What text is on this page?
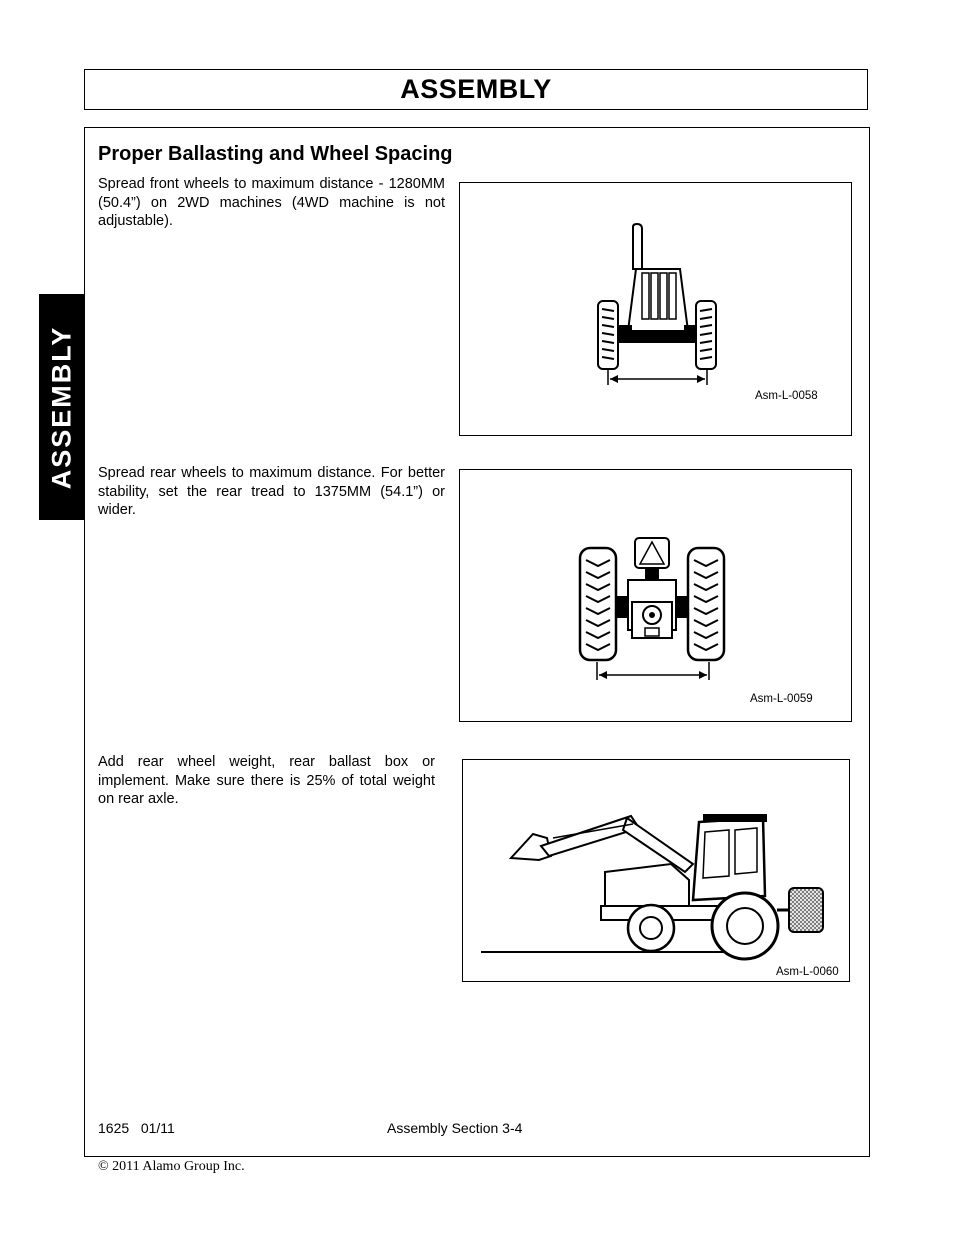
ASSEMBLY
ASSEMBLY
Proper Ballasting and Wheel Spacing

Spread front wheels to maximum distance - 1280MM (50.4”) on 2WD machines (4WD machine is not adjustable).

Asm-L-0058

Spread rear wheels to maximum distance. For better stability, set the rear tread to 1375MM (54.1”) or wider.

Asm-L-0059

Add rear wheel weight, rear ballast box or implement. Make sure there is 25% of total weight on rear axle.

Asm-L-0060
1625   01/11	Assembly Section 3-4
© 2011 Alamo Group Inc.
